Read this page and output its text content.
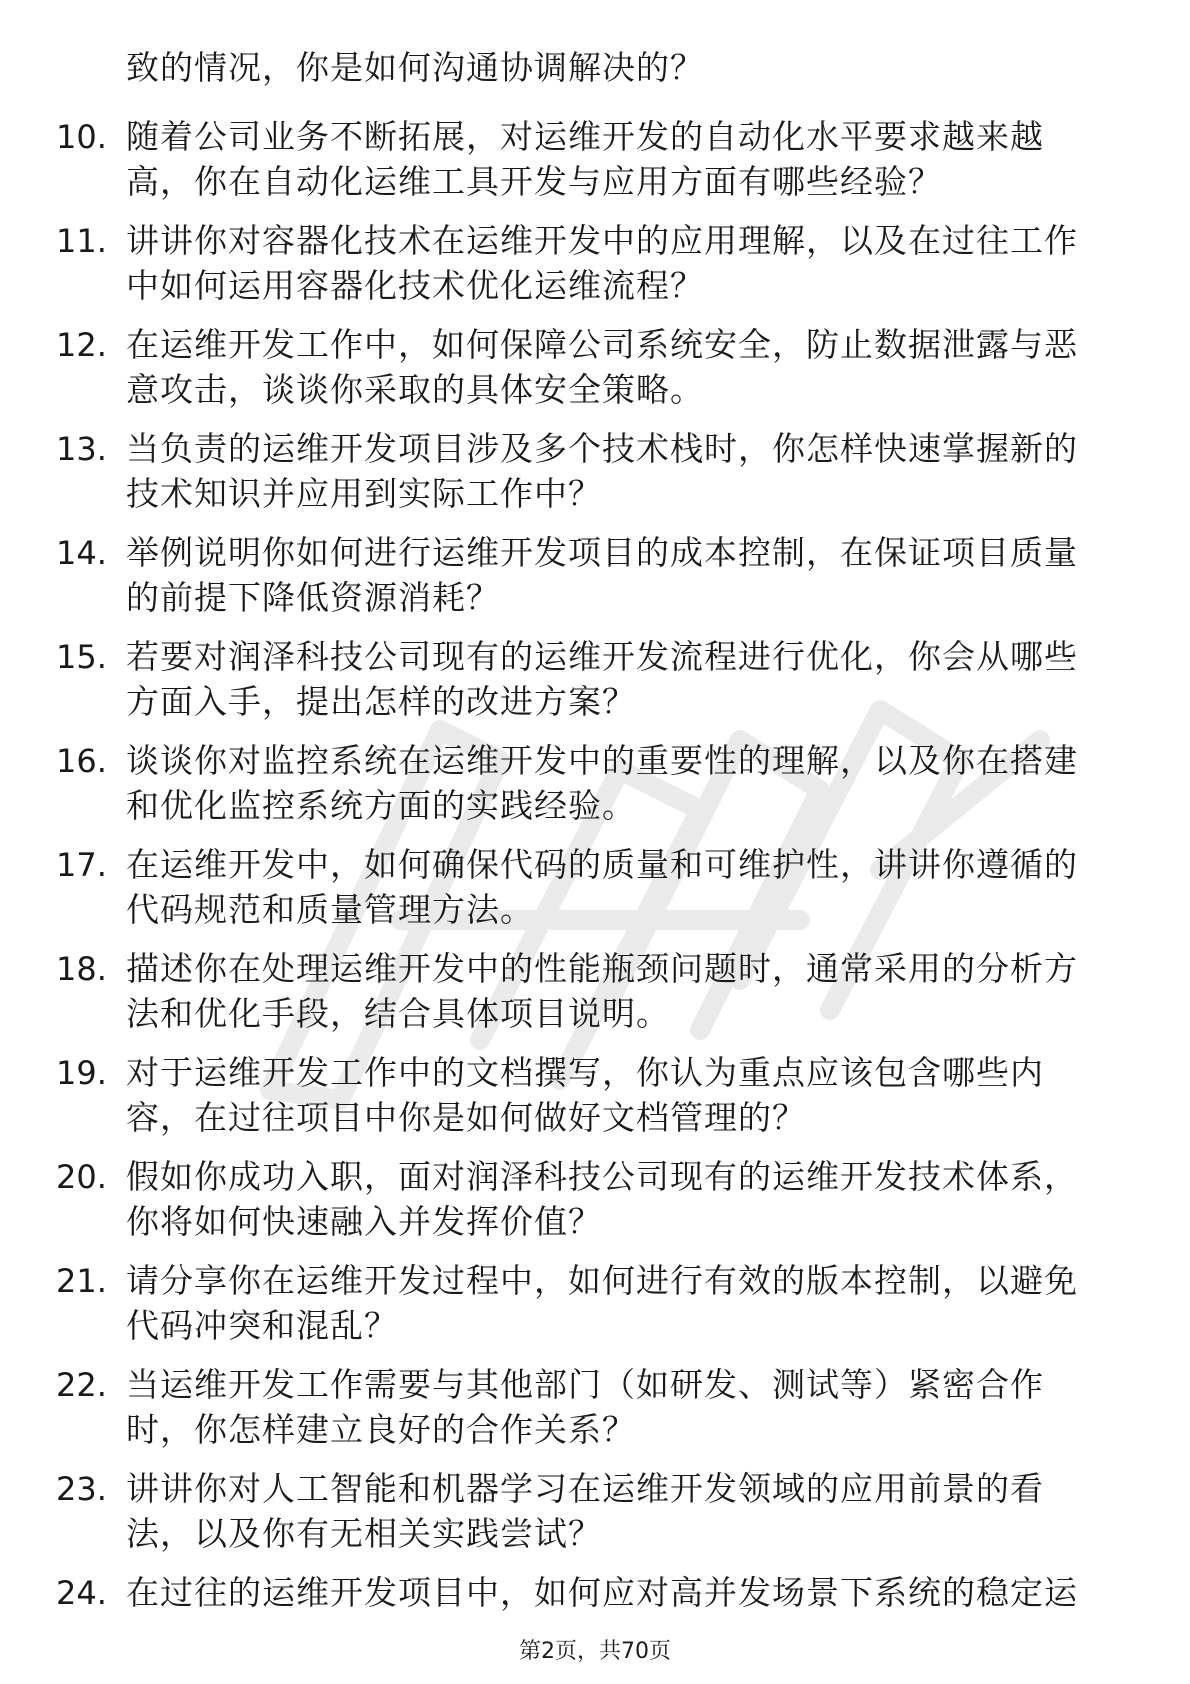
致的情况，你是如何沟通协调解决的？
10. 随着公司业务不断拓展，对运维开发的自动化水平要求越来越
高，你在自动化运维工具开发与应用方面有哪些经验？
11. 讲讲你对容器化技术在运维开发中的应用理解，以及在过往工作
中如何运用容器化技术优化运维流程？
12. 在运维开发工作中，如何保障公司系统安全，防止数据泄露与恶
意攻击，谈谈你采取的具体安全策略。
13. 当负责的运维开发项目涉及多个技术栈时，你怎样快速掌握新的
技术知识并应用到实际工作中？
14. 举例说明你如何进行运维开发项目的成本控制，在保证项目质量
的前提下降低资源消耗？
15. 若要对润泽科技公司现有的运维开发流程进行优化，你会从哪些
方面入手，提出怎样的改进方案？
16. 谈谈你对监控系统在运维开发中的重要性的理解，以及你在搭建
和优化监控系统方面的实践经验。
17. 在运维开发中，如何确保代码的质量和可维护性，讲讲你遵循的
代码规范和质量管理方法。
18. 描述你在处理运维开发中的性能瓶颈问题时，通常采用的分析方
法和优化手段，结合具体项目说明。
19. 对于运维开发工作中的文档撰写，你认为重点应该包含哪些内
容，在过往项目中你是如何做好文档管理的？
20. 假如你成功入职，面对润泽科技公司现有的运维开发技术体系，
你将如何快速融入并发挥价值？
21. 请分享你在运维开发过程中，如何进行有效的版本控制，以避免
代码冲突和混乱？
22. 当运维开发工作需要与其他部门（如研发、测试等）紧密合作
时，你怎样建立良好的合作关系？
23. 讲讲你对人工智能和机器学习在运维开发领域的应用前景的看
法，以及你有无相关实践尝试？
24. 在过往的运维开发项目中，如何应对高并发场景下系统的稳定运
第2页，共70页
